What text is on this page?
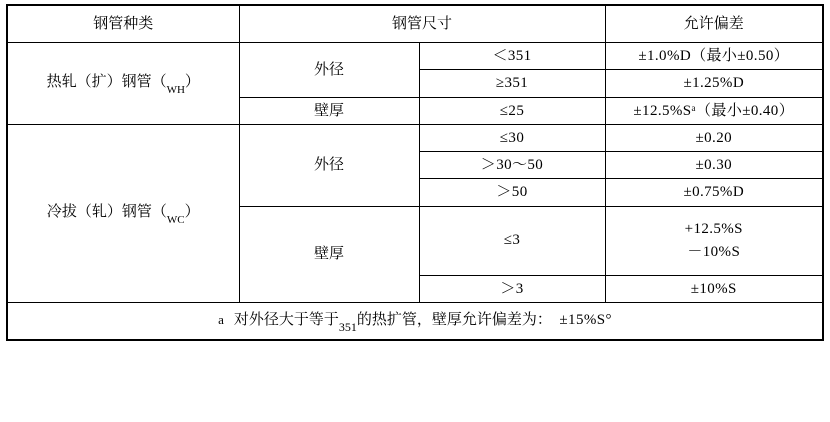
钢管种类	钢管尺寸		允许偏差
热轧（扩）钢管$(_{WH})$	外径	＜351	±1.0%D（最小±0.50）
		≥351	±1.25%D
	壁厚	≤25	±12.5%Sᵃ（最小±0.40）
冷拔（轧）钢管$(_{WC})$	外径	≤30	±0.20
		＞30～50	±0.30
		＞50	±0.75%D
	壁厚	≤3	+12.5%S
－10%S

		＞3	±10%S
a 对外径大于等于$_{351}$的热扩管，壁厚允许偏差为： ±15%S°			
